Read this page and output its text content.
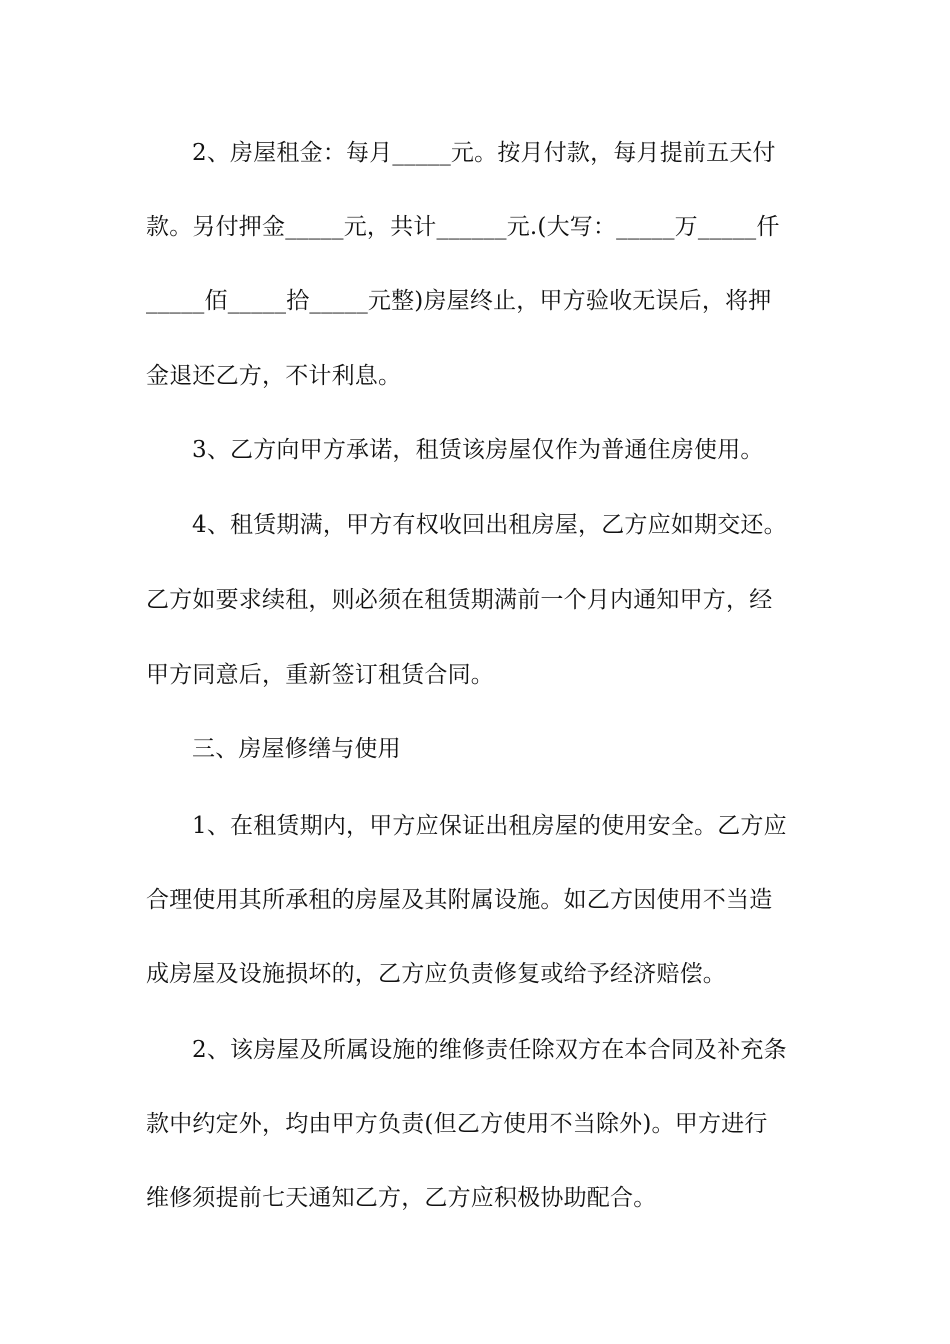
2、房屋租金：每月_____元。按月付款，每月提前五天付
款。另付押金_____元，共计______元.(大写：_____万_____仟
_____佰_____拾_____元整)房屋终止，甲方验收无误后，将押
金退还乙方，不计利息。
3、乙方向甲方承诺，租赁该房屋仅作为普通住房使用。
4、租赁期满，甲方有权收回出租房屋，乙方应如期交还。
乙方如要求续租，则必须在租赁期满前一个月内通知甲方，经
甲方同意后，重新签订租赁合同。
三、房屋修缮与使用
1、在租赁期内，甲方应保证出租房屋的使用安全。乙方应
合理使用其所承租的房屋及其附属设施。如乙方因使用不当造
成房屋及设施损坏的，乙方应负责修复或给予经济赔偿。
2、该房屋及所属设施的维修责任除双方在本合同及补充条
款中约定外，均由甲方负责(但乙方使用不当除外)。甲方进行
维修须提前七天通知乙方，乙方应积极协助配合。
